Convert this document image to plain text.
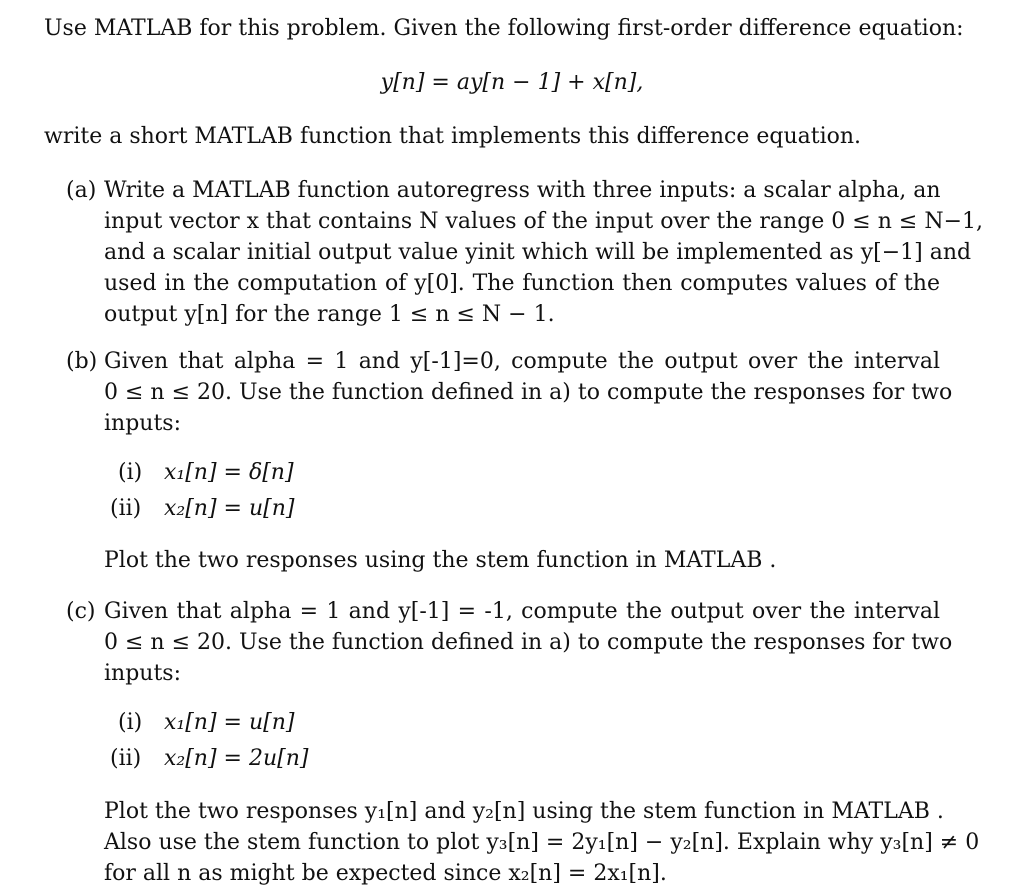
Use MATLAB for this problem. Given the following first-order difference equation:
y[n] = ay[n − 1] + x[n],
write a short MATLAB function that implements this difference equation.
(a) Write a MATLAB function autoregress with three inputs: a scalar alpha, an
input vector x that contains N values of the input over the range 0 ≤ n ≤ N−1,
and a scalar initial output value yinit which will be implemented as y[−1] and
used in the computation of y[0]. The function then computes values of the
output y[n] for the range 1 ≤ n ≤ N − 1.
(b) Given that alpha = 1 and y[-1]=0, compute the output over the interval
0 ≤ n ≤ 20. Use the function defined in a) to compute the responses for two
inputs:
(i) x₁[n] = δ[n]
(ii) x₂[n] = u[n]
Plot the two responses using the stem function in MATLAB .
(c) Given that alpha = 1 and y[-1] = -1, compute the output over the interval
0 ≤ n ≤ 20. Use the function defined in a) to compute the responses for two
inputs:
(i) x₁[n] = u[n]
(ii) x₂[n] = 2u[n]
Plot the two responses y₁[n] and y₂[n] using the stem function in MATLAB .
Also use the stem function to plot y₃[n] = 2y₁[n] − y₂[n]. Explain why y₃[n] ≠ 0
for all n as might be expected since x₂[n] = 2x₁[n].
